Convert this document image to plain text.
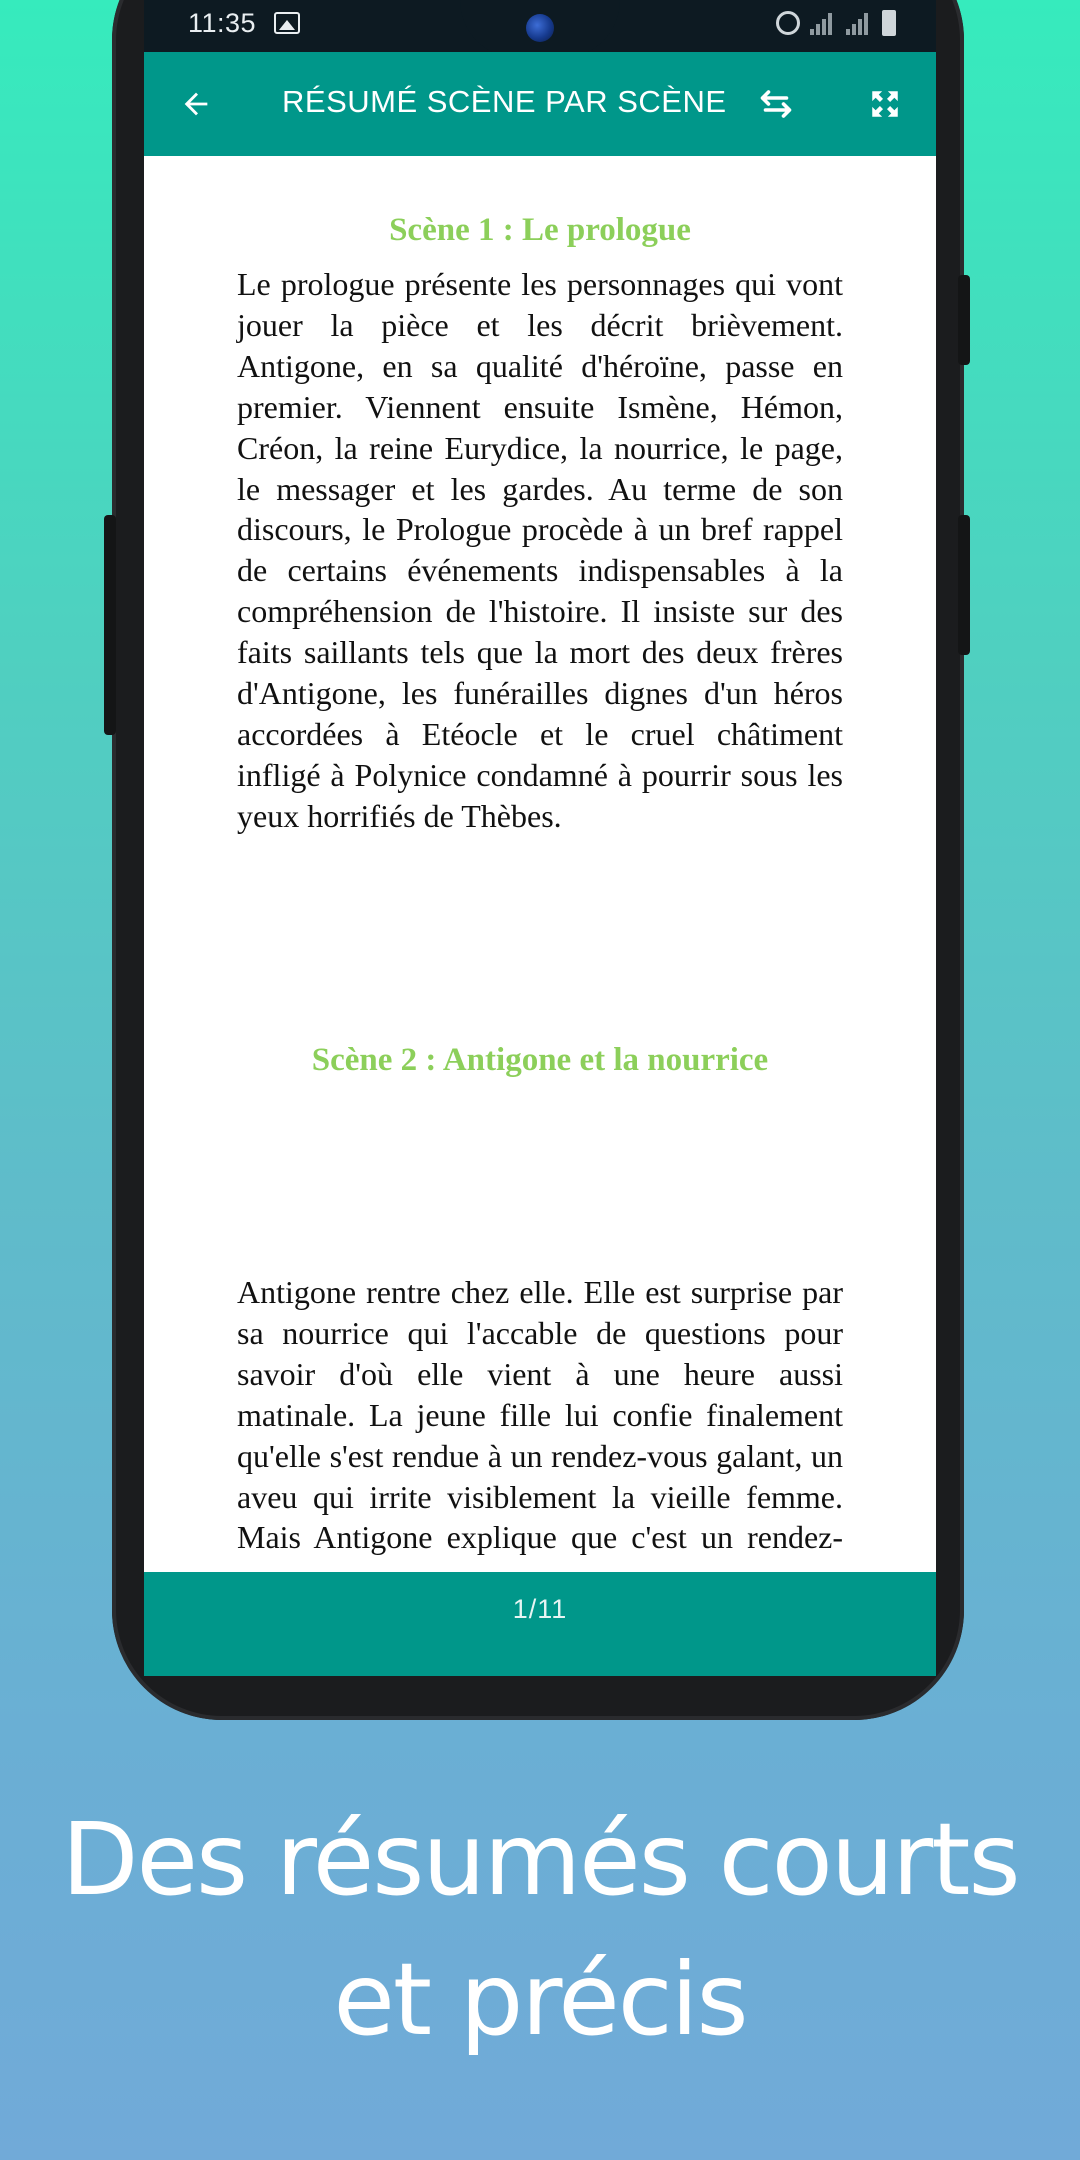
11:35
RÉSUMÉ SCÈNE PAR SCÈNE
Scène 1 : Le prologue
Le prologue présente les personnages qui vont jouer la pièce et les décrit brièvement. Antigone, en sa qualité d'héroïne, passe en premier. Viennent ensuite Ismène, Hémon, Créon, la reine Eurydice, la nourrice, le page, le messager et les gardes. Au terme de son discours, le Prologue procède à un bref rappel de certains événements indispensables à la compréhension de l'histoire. Il insiste sur des faits saillants tels que la mort des deux frères d'Antigone, les funérailles dignes d'un héros accordées à Etéocle et le cruel châtiment infligé à Polynice condamné à pourrir sous les yeux horrifiés de Thèbes.
Scène 2 : Antigone et la nourrice
Antigone rentre chez elle. Elle est surprise par sa nourrice qui l'accable de questions pour savoir d'où elle vient à une heure aussi matinale. La jeune fille lui confie finalement qu'elle s'est rendue à un rendez-vous galant, un aveu qui irrite visiblement la vieille femme. Mais Antigone explique que c'est un rendez-
1/11
Des résumés courts
et précis
